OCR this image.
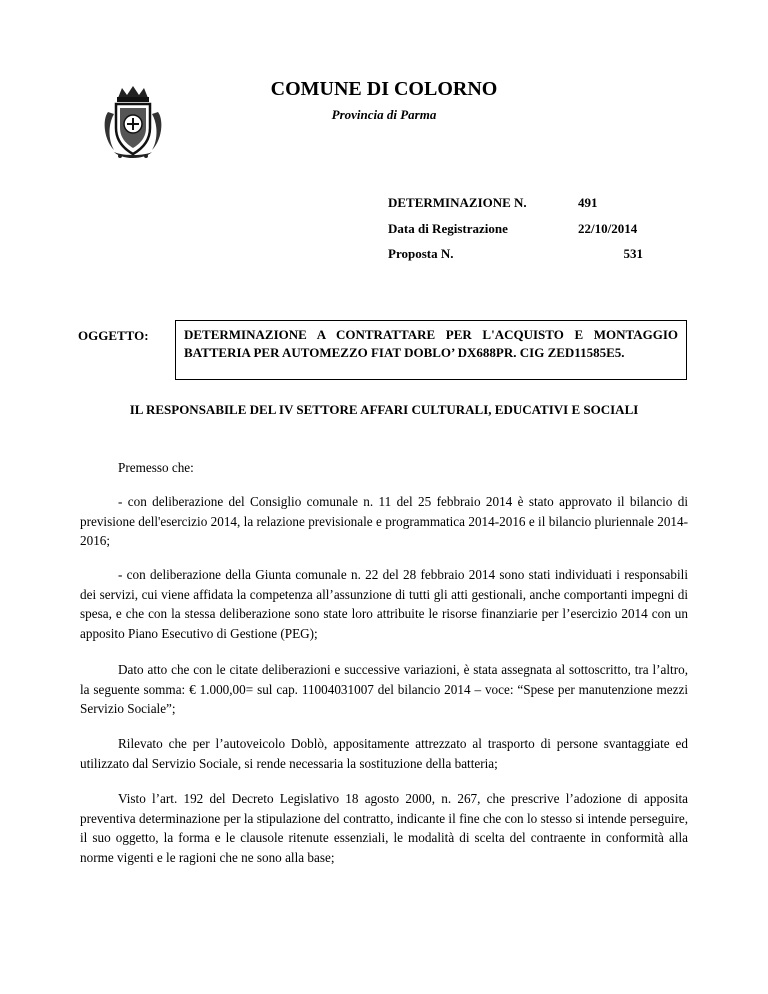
COMUNE DI COLORNO
Provincia di Parma
DETERMINAZIONE N.	491
Data di Registrazione	22/10/2014
Proposta N.	531
OGGETTO:	DETERMINAZIONE A CONTRATTARE PER L'ACQUISTO E MONTAGGIO BATTERIA PER AUTOMEZZO FIAT DOBLO’ DX688PR. CIG ZED11585E5.
IL RESPONSABILE DEL IV SETTORE AFFARI CULTURALI, EDUCATIVI E SOCIALI
Premesso che:
- con deliberazione del Consiglio comunale n. 11 del 25 febbraio 2014 è stato approvato il bilancio di previsione dell'esercizio 2014, la relazione previsionale e programmatica 2014-2016 e il bilancio pluriennale 2014-2016;
- con deliberazione della Giunta comunale n. 22 del 28 febbraio 2014 sono stati individuati i responsabili dei servizi, cui viene affidata la competenza all’assunzione di tutti gli atti gestionali, anche comportanti impegni di spesa, e che con la stessa deliberazione sono state loro attribuite le risorse finanziarie per l’esercizio 2014 con un apposito Piano Esecutivo di Gestione (PEG);
Dato atto che con le citate deliberazioni e successive variazioni, è stata assegnata al sottoscritto, tra l’altro, la seguente somma: € 1.000,00= sul cap. 11004031007 del bilancio 2014 – voce: “Spese per manutenzione mezzi Servizio Sociale”;
Rilevato che per l’autoveicolo Doblò, appositamente attrezzato al trasporto di persone svantaggiate ed utilizzato dal Servizio Sociale, si rende necessaria la sostituzione della batteria;
Visto l’art. 192 del Decreto Legislativo 18 agosto 2000, n. 267, che prescrive l’adozione di apposita preventiva determinazione per la stipulazione del contratto, indicante il fine che con lo stesso si intende perseguire, il suo oggetto, la forma e le clausole ritenute essenziali, le modalità di scelta del contraente in conformità alla norme vigenti e le ragioni che ne sono alla base;
